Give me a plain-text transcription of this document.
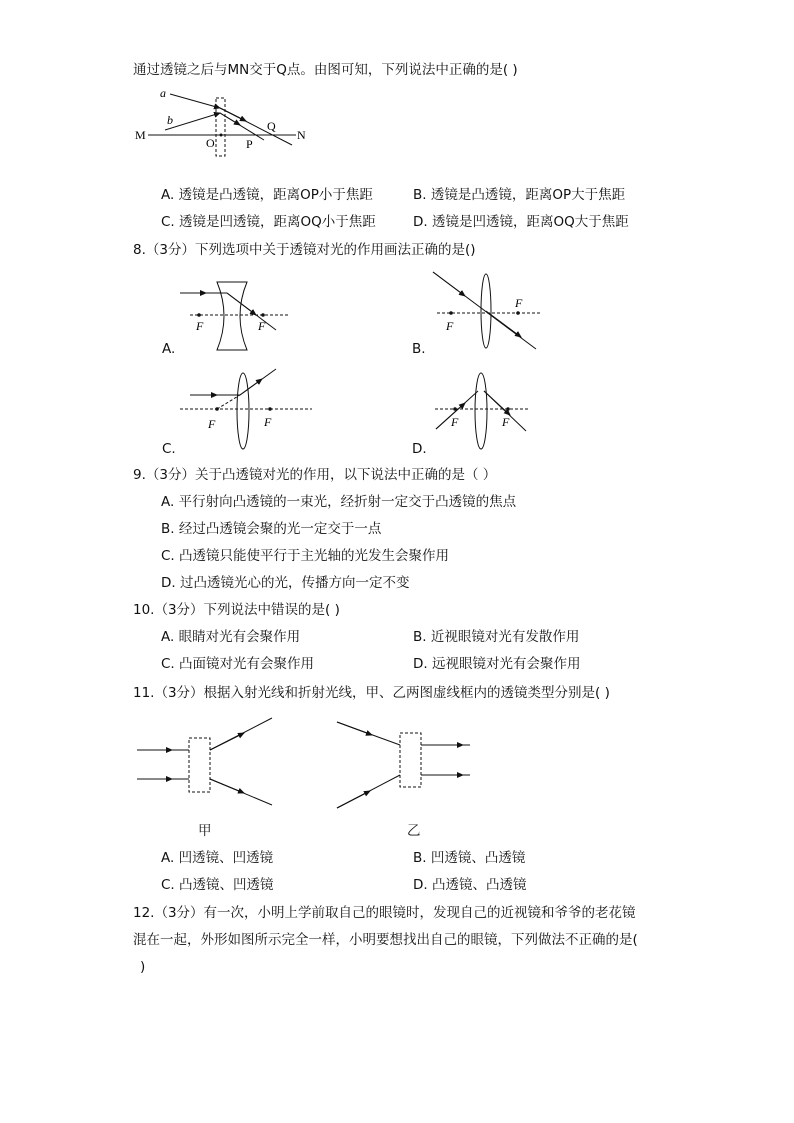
通过透镜之后与MN交于Q点。由图可知，下列说法中正确的是( )
a
b
M	N
O	P
Q
A. 透镜是凸透镜，距离OP小于焦距	B. 透镜是凸透镜，距离OP大于焦距
C. 透镜是凹透镜，距离OQ小于焦距	D. 透镜是凹透镜，距离OQ大于焦距
8.（3分）下列选项中关于透镜对光的作用画法正确的是()
F	F
A.
F
F
B.
F	F
C.
F	F
D.
9.（3分）关于凸透镜对光的作用，以下说法中正确的是（ ）
A. 平行射向凸透镜的一束光，经折射一定交于凸透镜的焦点
B. 经过凸透镜会聚的光一定交于一点
C. 凸透镜只能使平行于主光轴的光发生会聚作用
D. 过凸透镜光心的光，传播方向一定不变
10.（3分）下列说法中错误的是( )
A. 眼睛对光有会聚作用	B. 近视眼镜对光有发散作用
C. 凸面镜对光有会聚作用	D. 远视眼镜对光有会聚作用
11.（3分）根据入射光线和折射光线，甲、乙两图虚线框内的透镜类型分别是( )
甲	乙
A. 凹透镜、凹透镜	B. 凹透镜、凸透镜
C. 凸透镜、凹透镜	D. 凸透镜、凸透镜
12.（3分）有一次，小明上学前取自己的眼镜时，发现自己的近视镜和爷爷的老花镜
混在一起，外形如图所示完全一样，小明要想找出自己的眼镜，下列做法不正确的是(
)
